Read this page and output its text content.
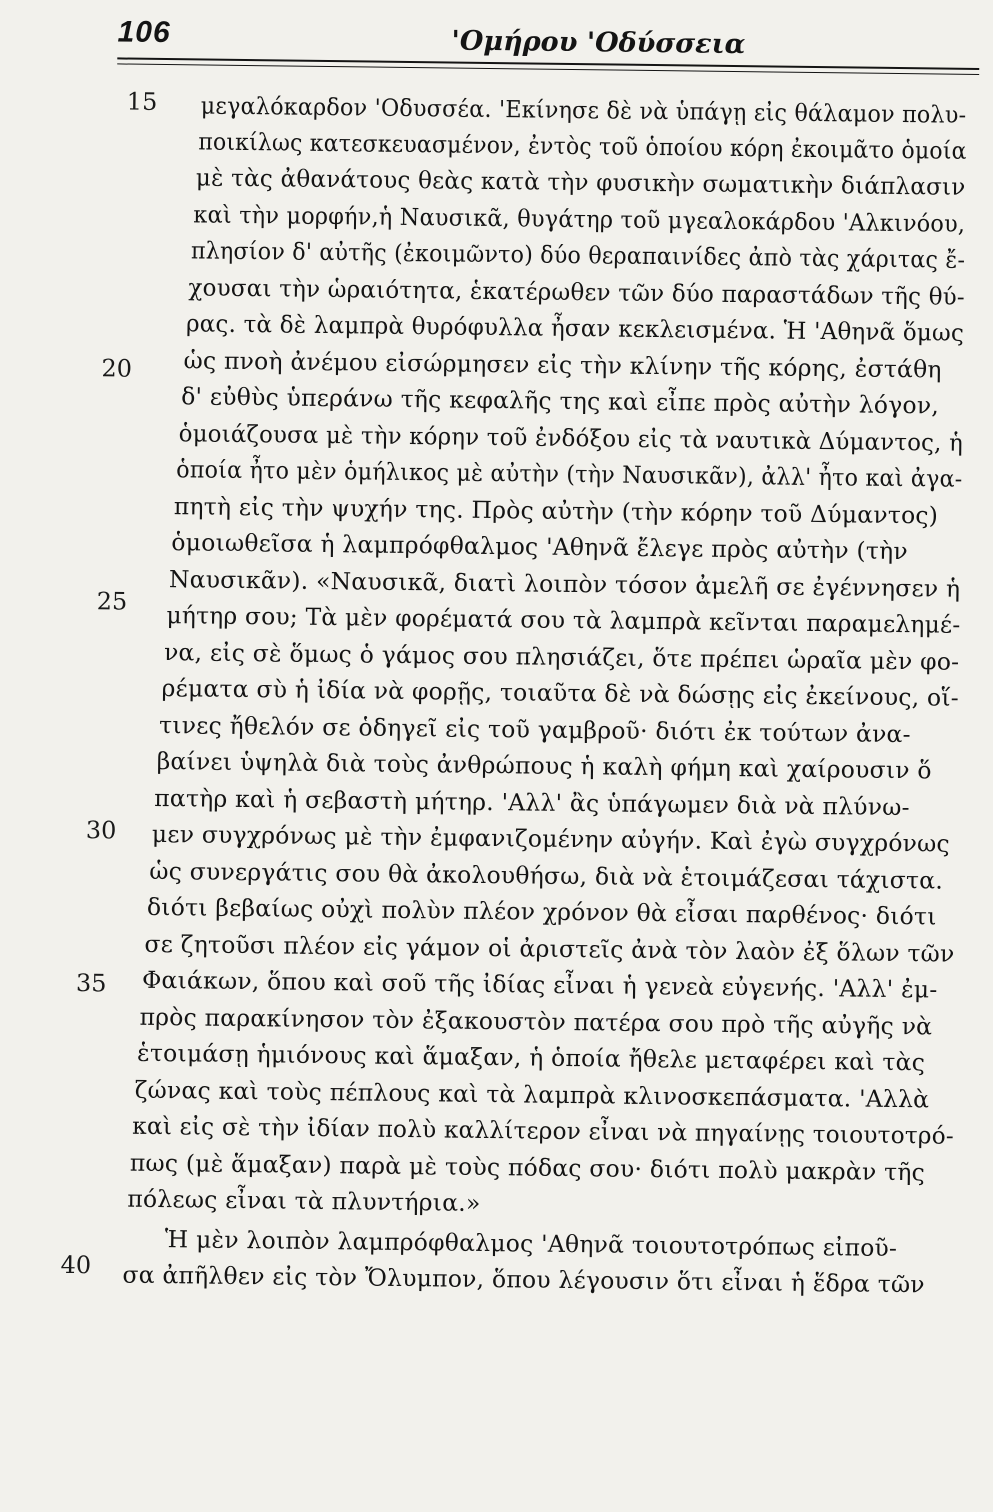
106	'Ομήρου 'Οδύσσεια
15
20
25
30
35
40
μεγαλόκαρδον 'Οδυσσέα. 'Εκίνησε δὲ νὰ ὑπάγῃ εἰς θάλαμον πολυ-
ποικίλως κατεσκευασμένον, ἐντὸς τοῦ ὁποίου κόρη ἐκοιμᾶτο ὁμοία
μὲ τὰς ἀθανάτους θεὰς κατὰ τὴν φυσικὴν σωματικὴν διάπλασιν
καὶ τὴν μορφήν,ἡ Ναυσικᾶ, θυγάτηρ τοῦ μγεαλοκάρδου 'Αλκινόου,
πλησίον δ' αὐτῆς (ἐκοιμῶντο) δύο θεραπαινίδες ἀπὸ τὰς χάριτας ἔ-
χουσαι τὴν ὡραιότητα, ἑκατέρωθεν τῶν δύο παραστάδων τῆς θύ-
ρας. τὰ δὲ λαμπρὰ θυρόφυλλα ἦσαν κεκλεισμένα. Ἡ 'Αθηνᾶ ὅμως
ὡς πνοὴ ἀνέμου εἰσώρμησεν εἰς τὴν κλίνην τῆς κόρης, ἐστάθη
δ' εὐθὺς ὑπεράνω τῆς κεφαλῆς της καὶ εἶπε πρὸς αὐτὴν λόγον,
ὁμοιάζουσα μὲ τὴν κόρην τοῦ ἐνδόξου εἰς τὰ ναυτικὰ Δύμαντος, ἡ
ὁποία ἦτο μὲν ὁμήλικος μὲ αὐτὴν (τὴν Ναυσικᾶν), ἀλλ' ἦτο καὶ ἀγα-
πητὴ εἰς τὴν ψυχήν της. Πρὸς αὐτὴν (τὴν κόρην τοῦ Δύμαντος)
ὁμοιωθεῖσα ἡ λαμπρόφθαλμος 'Αθηνᾶ ἔλεγε πρὸς αὐτὴν (τὴν
Ναυσικᾶν). «Ναυσικᾶ, διατὶ λοιπὸν τόσον ἀμελῆ σε ἐγέννησεν ἡ
μήτηρ σου; Τὰ μὲν φορέματά σου τὰ λαμπρὰ κεῖνται παραμελημέ-
να, εἰς σὲ ὅμως ὁ γάμος σου πλησιάζει, ὅτε πρέπει ὡραῖα μὲν φο-
ρέματα σὺ ἡ ἰδία νὰ φορῇς, τοιαῦτα δὲ νὰ δώσῃς εἰς ἐκείνους, οἵ-
τινες ἤθελόν σε ὁδηγεῖ εἰς τοῦ γαμβροῦ· διότι ἐκ τούτων ἀνα-
βαίνει ὑψηλὰ διὰ τοὺς ἀνθρώπους ἡ καλὴ φήμη καὶ χαίρουσιν ὅ
πατὴρ καὶ ἡ σεβαστὴ μήτηρ. 'Αλλ' ἂς ὑπάγωμεν διὰ νὰ πλύνω-
μεν συγχρόνως μὲ τὴν ἐμφανιζομένην αὐγήν. Καὶ ἐγὼ συγχρόνως
ὡς συνεργάτις σου θὰ ἀκολουθήσω, διὰ νὰ ἑτοιμάζεσαι τάχιστα.
διότι βεβαίως οὐχὶ πολὺν πλέον χρόνον θὰ εἶσαι παρθένος· διότι
σε ζητοῦσι πλέον εἰς γάμον οἱ ἀριστεῖς ἀνὰ τὸν λαὸν ἐξ ὅλων τῶν
Φαιάκων, ὅπου καὶ σοῦ τῆς ἰδίας εἶναι ἡ γενεὰ εὐγενής. 'Αλλ' ἐμ-
πρὸς παρακίνησον τὸν ἐξακουστὸν πατέρα σου πρὸ τῆς αὐγῆς νὰ
ἑτοιμάσῃ ἡμιόνους καὶ ἅμαξαν, ἡ ὁποία ἤθελε μεταφέρει καὶ τὰς
ζώνας καὶ τοὺς πέπλους καὶ τὰ λαμπρὰ κλινοσκεπάσματα. 'Αλλὰ
καὶ εἰς σὲ τὴν ἰδίαν πολὺ καλλίτερον εἶναι νὰ πηγαίνῃς τοιουτοτρό-
πως (μὲ ἅμαξαν) παρὰ μὲ τοὺς πόδας σου· διότι πολὺ μακρὰν τῆς
πόλεως εἶναι τὰ πλυντήρια.»
Ἡ μὲν λοιπὸν λαμπρόφθαλμος 'Αθηνᾶ τοιουτοτρόπως εἰποῦ-
σα ἀπῆλθεν εἰς τὸν Ὄλυμπον, ὅπου λέγουσιν ὅτι εἶναι ἡ ἕδρα τῶν
